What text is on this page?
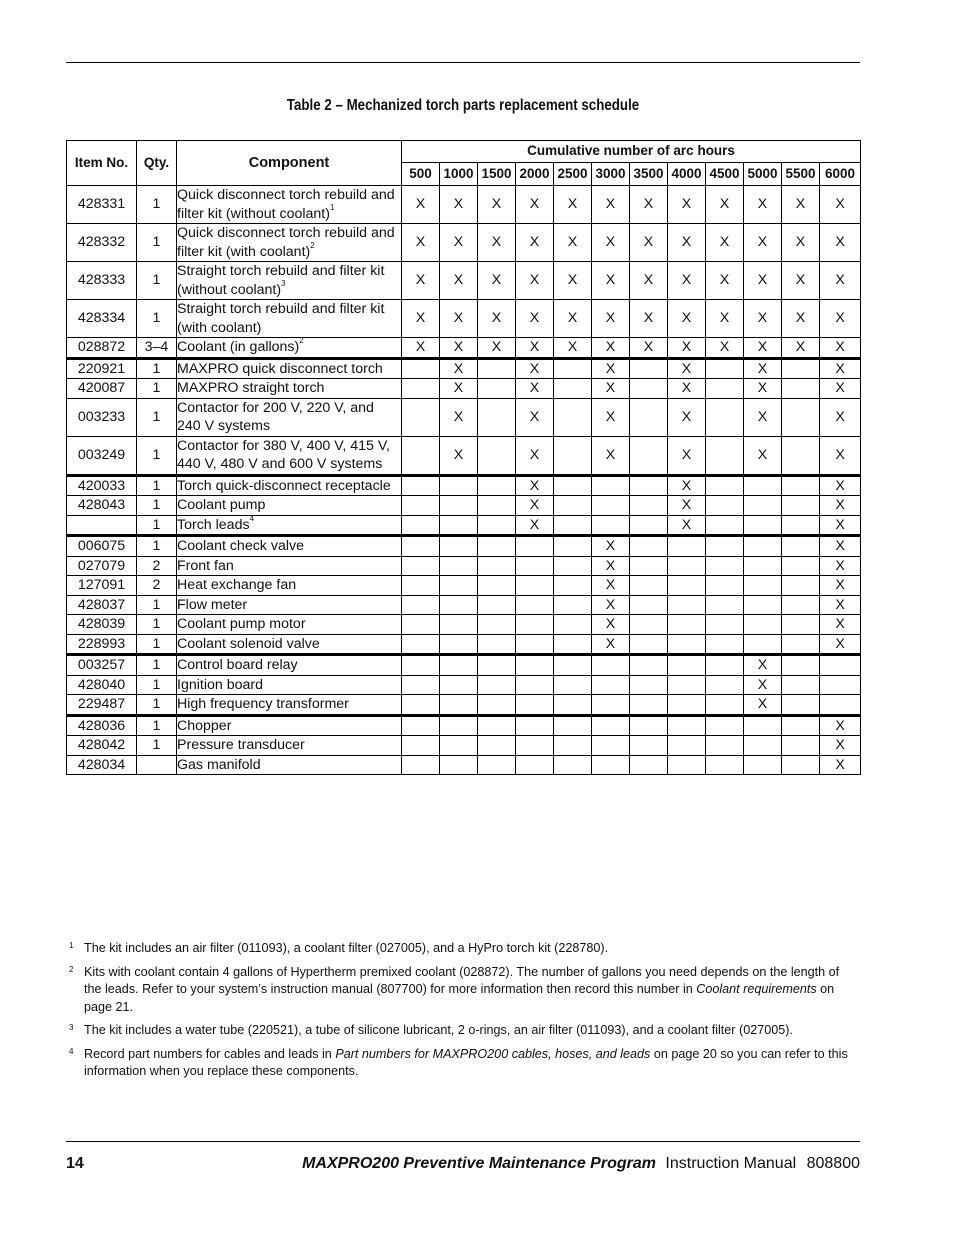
Table 2 – Mechanized torch parts replacement schedule
Item No.	Qty.	Component	Cumulative number of arc hours											
			500	1000	1500	2000	2500	3000	3500	4000	4500	5000	5500	6000
428331	1	Quick disconnect torch rebuild and filter kit (without coolant)$^1$	X	X	X	X	X	X	X	X	X	X	X	X
428332	1	Quick disconnect torch rebuild and filter kit (with coolant)$^2$	X	X	X	X	X	X	X	X	X	X	X	X
428333	1	Straight torch rebuild and filter kit (without coolant)$^3$	X	X	X	X	X	X	X	X	X	X	X	X
428334	1	Straight torch rebuild and filter kit (with coolant)	X	X	X	X	X	X	X	X	X	X	X	X
028872	3–4	Coolant (in gallons)$^2$	X	X	X	X	X	X	X	X	X	X	X	X
220921	1	MAXPRO quick disconnect torch		X		X		X		X		X		X
420087	1	MAXPRO straight torch		X		X		X		X		X		X
003233	1	Contactor for 200 V, 220 V, and 240 V systems		X		X		X		X		X		X
003249	1	Contactor for 380 V, 400 V, 415 V, 440 V, 480 V and 600 V systems		X		X		X		X		X		X
420033	1	Torch quick-disconnect receptacle				X				X				X
428043	1	Coolant pump				X				X				X
	1	Torch leads$^4$				X				X				X
006075	1	Coolant check valve						X						X
027079	2	Front fan						X						X
127091	2	Heat exchange fan						X						X
428037	1	Flow meter						X						X
428039	1	Coolant pump motor						X						X
228993	1	Coolant solenoid valve						X						X
003257	1	Control board relay										X		
428040	1	Ignition board										X		
229487	1	High frequency transformer										X		
428036	1	Chopper												X
428042	1	Pressure transducer												X
428034		Gas manifold												X
1 The kit includes an air filter (011093), a coolant filter (027005), and a HyPro torch kit (228780).
2 Kits with coolant contain 4 gallons of Hypertherm premixed coolant (028872). The number of gallons you need depends on the length of the leads. Refer to your system’s instruction manual (807700) for more information then record this number in Coolant requirements on page 21.
3 The kit includes a water tube (220521), a tube of silicone lubricant, 2 o-rings, an air filter (011093), and a coolant filter (027005).
4 Record part numbers for cables and leads in Part numbers for MAXPRO200 cables, hoses, and leads on page 20 so you can refer to this information when you replace these components.
14	MAXPRO200 Preventive Maintenance Program Instruction Manual 808800
